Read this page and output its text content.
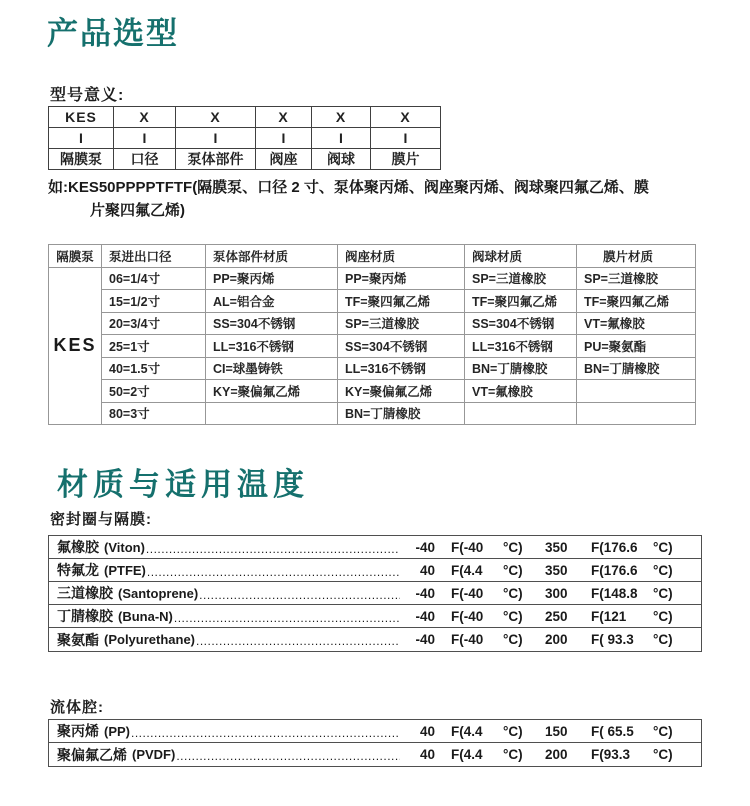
产品选型
型号意义:
KES	X	X	X	X	X
I	I	I	I	I	I
隔膜泵	口径	泵体部件	阀座	阀球	膜片
如:KES50PPPPTFTF(隔膜泵、口径 2 寸、泵体聚丙烯、阀座聚丙烯、阀球聚四氟乙烯、膜
片聚四氟乙烯)
隔膜泵	泵进出口径	泵体部件材质	阀座材质	阀球材质	膜片材质
KES	06=1/4寸	PP=聚丙烯	PP=聚丙烯	SP=三道橡胶	SP=三道橡胶
	15=1/2寸	AL=铝合金	TF=聚四氟乙烯	TF=聚四氟乙烯	TF=聚四氟乙烯
	20=3/4寸	SS=304不锈钢	SP=三道橡胶	SS=304不锈钢	VT=氟橡胶
	25=1寸	LL=316不锈钢	SS=304不锈钢	LL=316不锈钢	PU=聚氨酯
	40=1.5寸	CI=球墨铸铁	LL=316不锈钢	BN=丁腈橡胶	BN=丁腈橡胶
	50=2寸	KY=聚偏氟乙烯	KY=聚偏氟乙烯	VT=氟橡胶	
	80=3寸		BN=丁腈橡胶		
材质与适用温度
密封圈与隔膜:
氟橡胶 (Viton) .....	-40 F(-40	°C)	350	F(176.6	°C)
特氟龙 (PTFE) .....	40 F(4.4	°C)	350	F(176.6	°C)
三道橡胶 (Santoprene) .....	-40 F(-40	°C)	300	F(148.8	°C)
丁腈橡胶 (Buna-N) .....	-40 F(-40	°C)	250	F(121	°C)
聚氨酯 (Polyurethane) .....	-40 F(-40	°C)	200	F( 93.3	°C)
流体腔:
聚丙烯 (PP) .....	40 F(4.4	°C)	150	F( 65.5	°C)
聚偏氟乙烯 (PVDF) .....	40 F(4.4	°C)	200	F(93.3	°C)
